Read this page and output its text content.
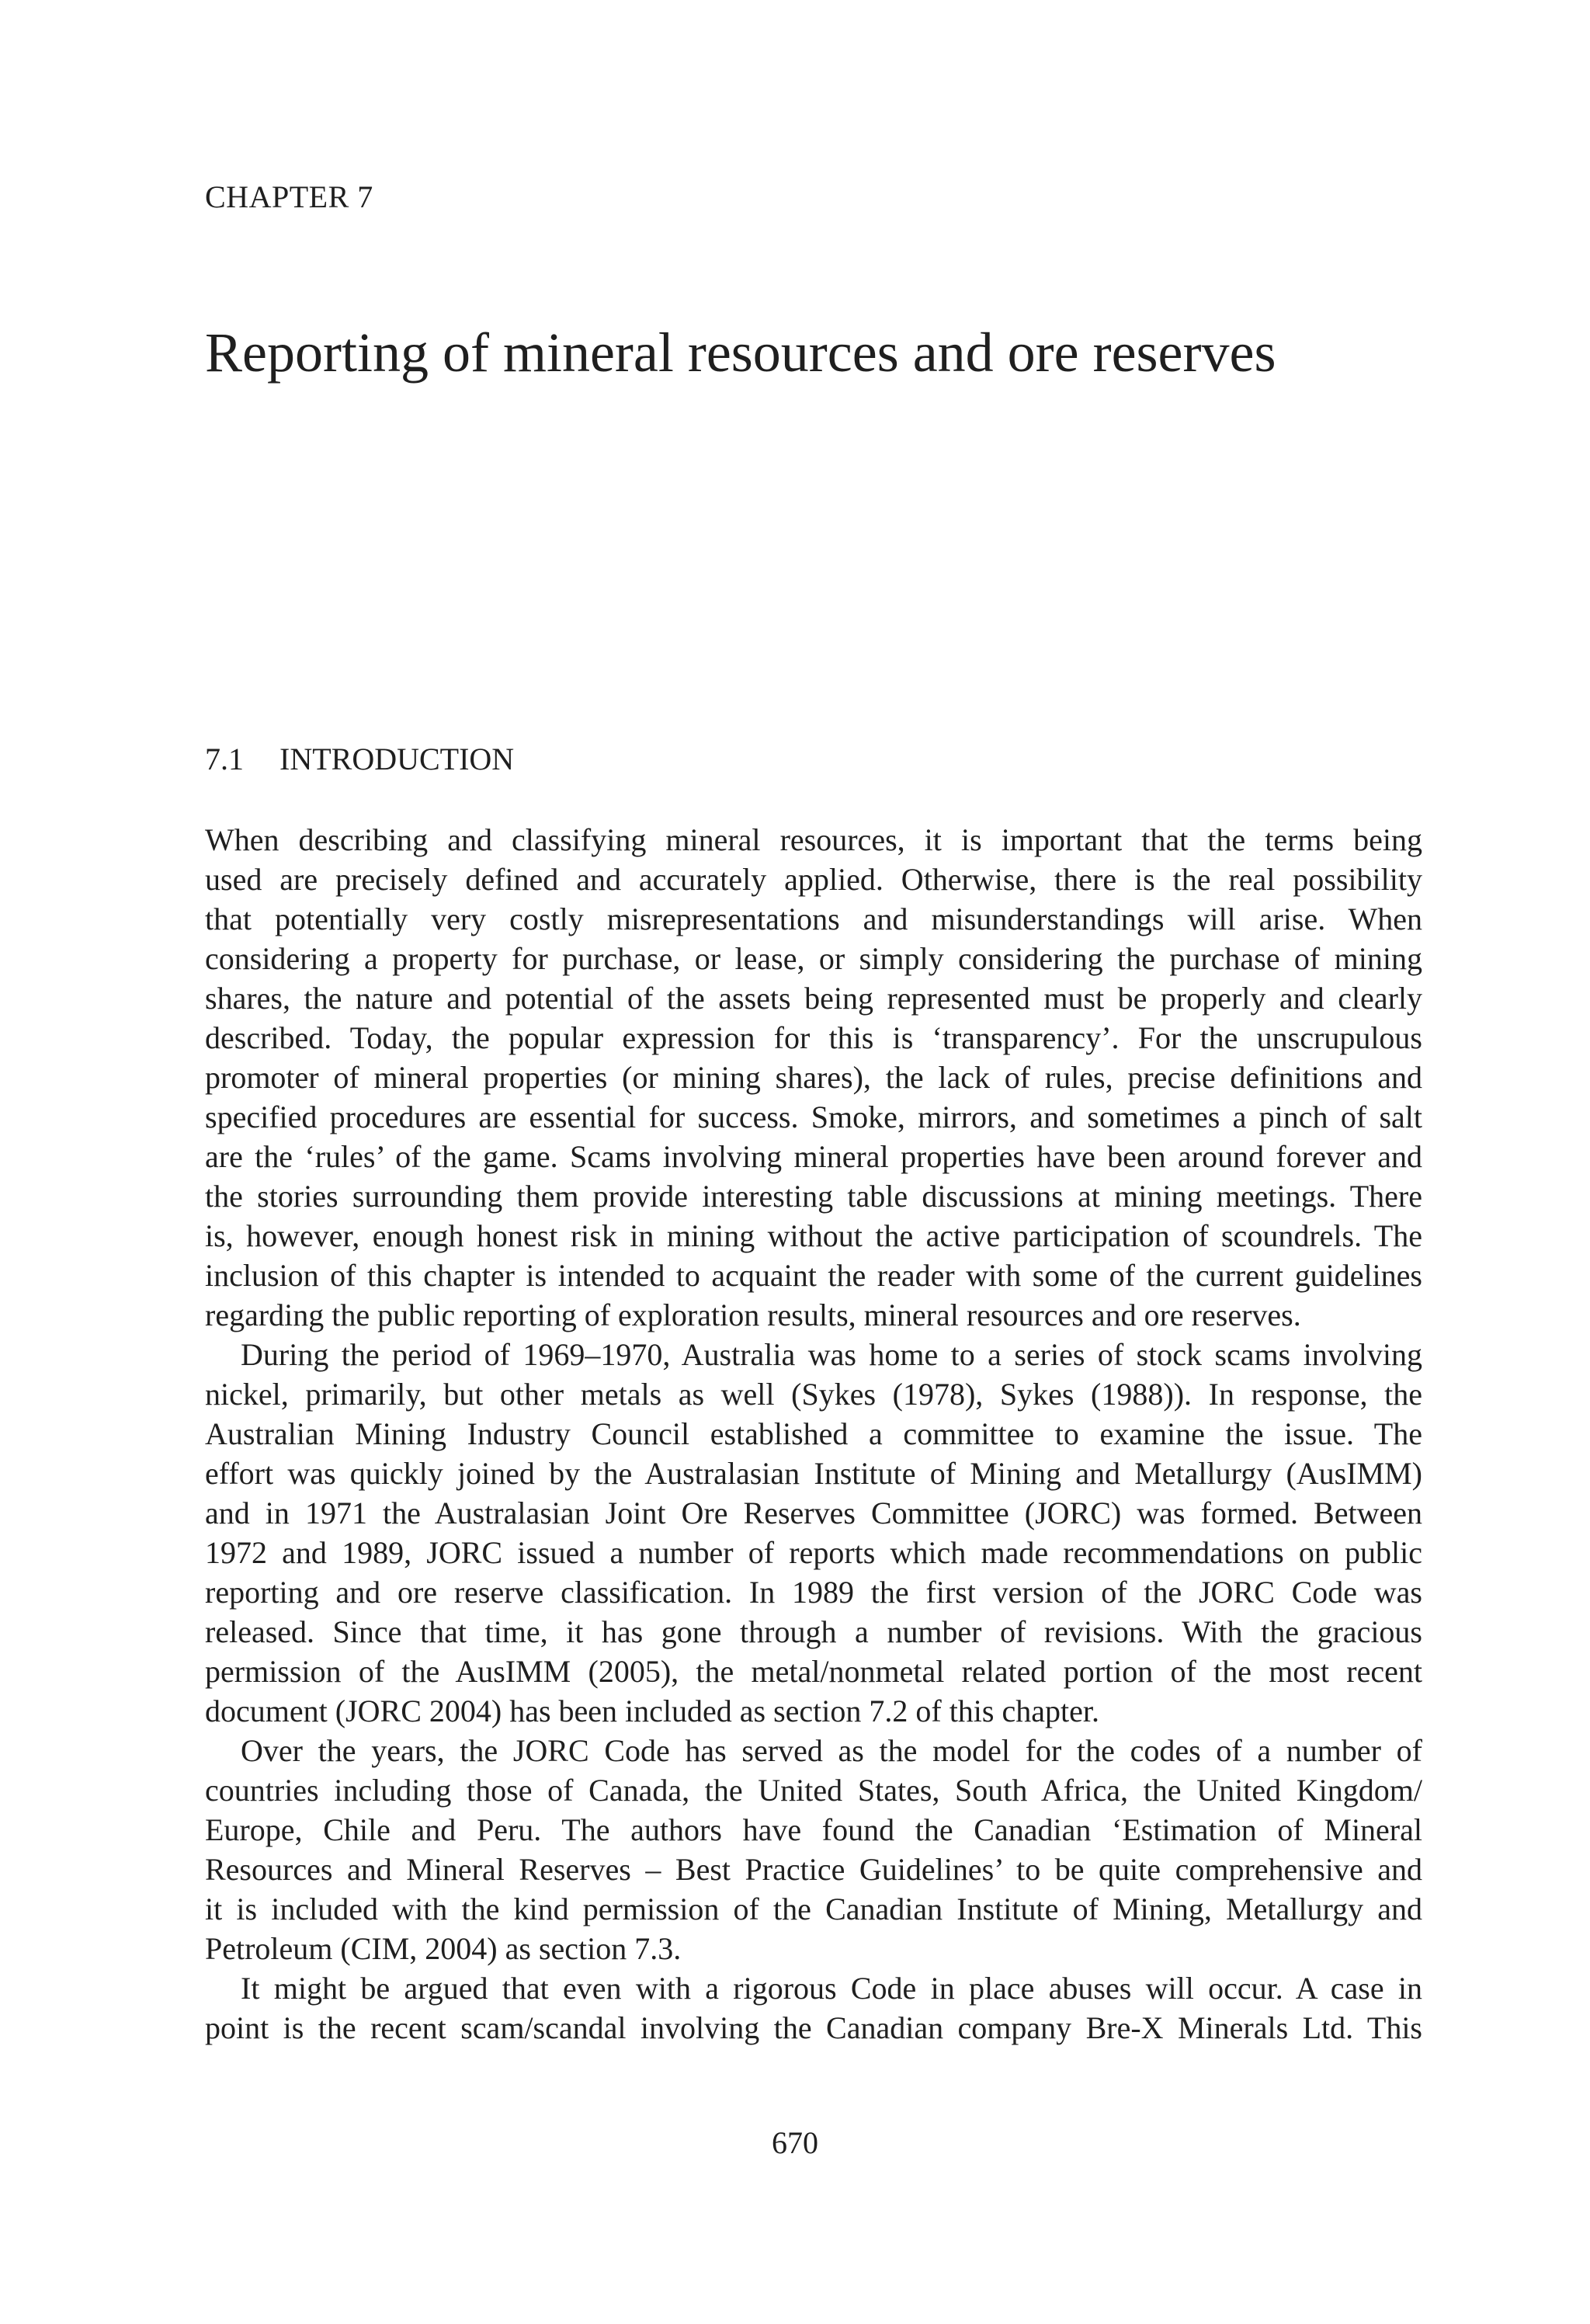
CHAPTER 7
Reporting of mineral resources and ore reserves
7.1 INTRODUCTION

When describing and classifying mineral resources, it is important that the terms being
used are precisely defined and accurately applied. Otherwise, there is the real possibility
that potentially very costly misrepresentations and misunderstandings will arise. When
considering a property for purchase, or lease, or simply considering the purchase of mining
shares, the nature and potential of the assets being represented must be properly and clearly
described. Today, the popular expression for this is ‘transparency’. For the unscrupulous
promoter of mineral properties (or mining shares), the lack of rules, precise definitions and
specified procedures are essential for success. Smoke, mirrors, and sometimes a pinch of salt
are the ‘rules’ of the game. Scams involving mineral properties have been around forever and
the stories surrounding them provide interesting table discussions at mining meetings. There
is, however, enough honest risk in mining without the active participation of scoundrels. The
inclusion of this chapter is intended to acquaint the reader with some of the current guidelines
regarding the public reporting of exploration results, mineral resources and ore reserves.

During the period of 1969–1970, Australia was home to a series of stock scams involving
nickel, primarily, but other metals as well (Sykes (1978), Sykes (1988)). In response, the
Australian Mining Industry Council established a committee to examine the issue. The
effort was quickly joined by the Australasian Institute of Mining and Metallurgy (AusIMM)
and in 1971 the Australasian Joint Ore Reserves Committee (JORC) was formed. Between
1972 and 1989, JORC issued a number of reports which made recommendations on public
reporting and ore reserve classification. In 1989 the first version of the JORC Code was
released. Since that time, it has gone through a number of revisions. With the gracious
permission of the AusIMM (2005), the metal/nonmetal related portion of the most recent
document (JORC 2004) has been included as section 7.2 of this chapter.

Over the years, the JORC Code has served as the model for the codes of a number of
countries including those of Canada, the United States, South Africa, the United Kingdom/
Europe, Chile and Peru. The authors have found the Canadian ‘Estimation of Mineral
Resources and Mineral Reserves – Best Practice Guidelines’ to be quite comprehensive and
it is included with the kind permission of the Canadian Institute of Mining, Metallurgy and
Petroleum (CIM, 2004) as section 7.3.

It might be argued that even with a rigorous Code in place abuses will occur. A case in
point is the recent scam/scandal involving the Canadian company Bre-X Minerals Ltd. This

670
